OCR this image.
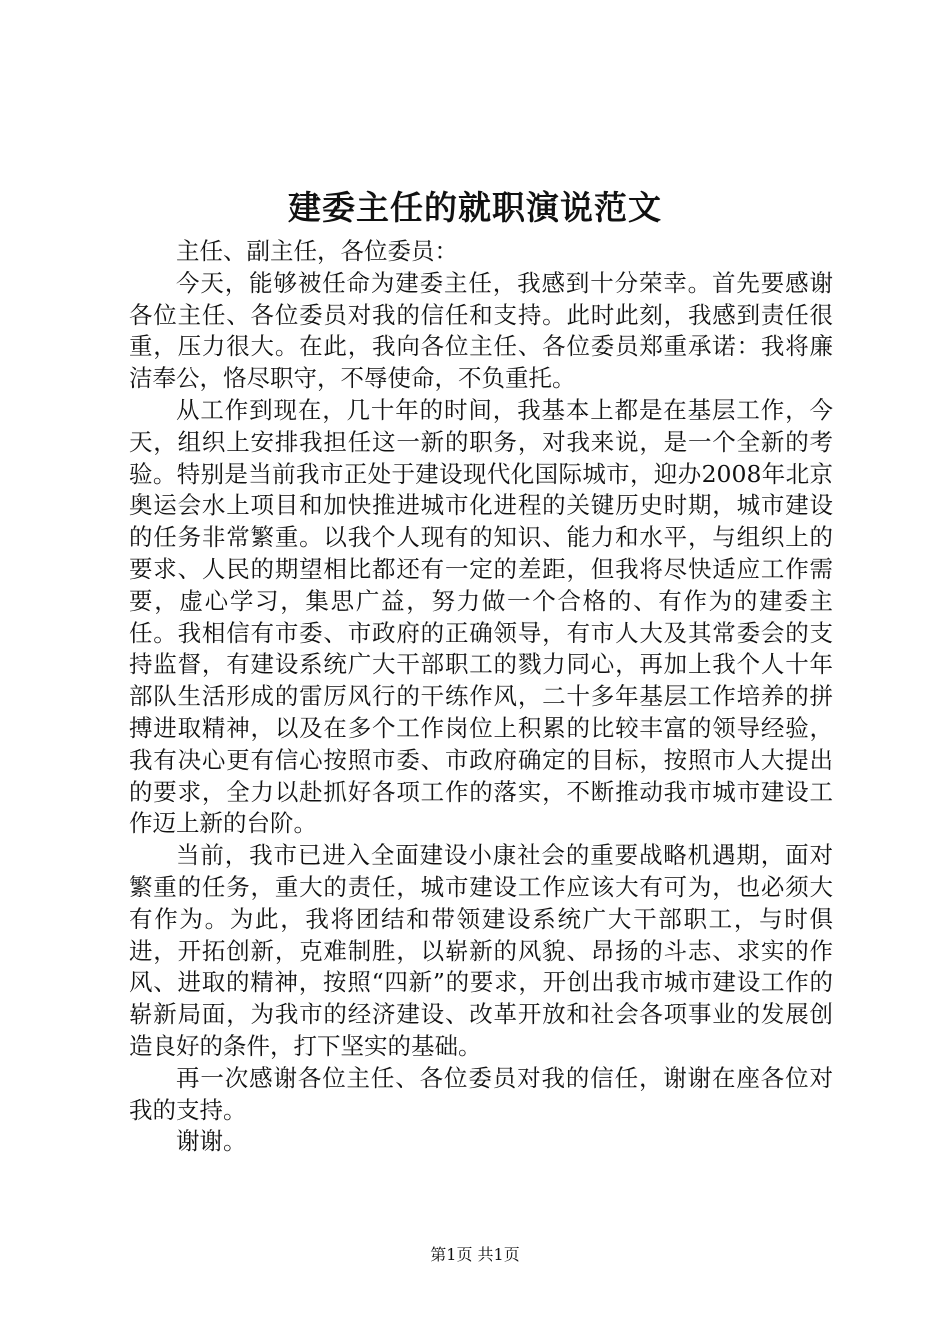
建委主任的就职演说范文

主任、副主任，各位委员：

今天，能够被任命为建委主任，我感到十分荣幸。首先要感谢各位主任、各位委员对我的信任和支持。此时此刻，我感到责任很重，压力很大。在此，我向各位主任、各位委员郑重承诺：我将廉洁奉公，恪尽职守，不辱使命，不负重托。

从工作到现在，几十年的时间，我基本上都是在基层工作，今天，组织上安排我担任这一新的职务，对我来说，是一个全新的考验。特别是当前我市正处于建设现代化国际城市，迎办2008年北京奥运会水上项目和加快推进城市化进程的关键历史时期，城市建设的任务非常繁重。以我个人现有的知识、能力和水平，与组织上的要求、人民的期望相比都还有一定的差距，但我将尽快适应工作需要，虚心学习，集思广益，努力做一个合格的、有作为的建委主任。我相信有市委、市政府的正确领导，有市人大及其常委会的支持监督，有建设系统广大干部职工的戮力同心，再加上我个人十年部队生活形成的雷厉风行的干练作风，二十多年基层工作培养的拼搏进取精神，以及在多个工作岗位上积累的比较丰富的领导经验，我有决心更有信心按照市委、市政府确定的目标，按照市人大提出的要求，全力以赴抓好各项工作的落实，不断推动我市城市建设工作迈上新的台阶。

当前，我市已进入全面建设小康社会的重要战略机遇期，面对繁重的任务，重大的责任，城市建设工作应该大有可为，也必须大有作为。为此，我将团结和带领建设系统广大干部职工，与时俱进，开拓创新，克难制胜，以崭新的风貌、昂扬的斗志、求实的作风、进取的精神，按照“四新”的要求，开创出我市城市建设工作的崭新局面，为我市的经济建设、改革开放和社会各项事业的发展创造良好的条件，打下坚实的基础。

再一次感谢各位主任、各位委员对我的信任，谢谢在座各位对我的支持。

谢谢。

第1页 共1页
